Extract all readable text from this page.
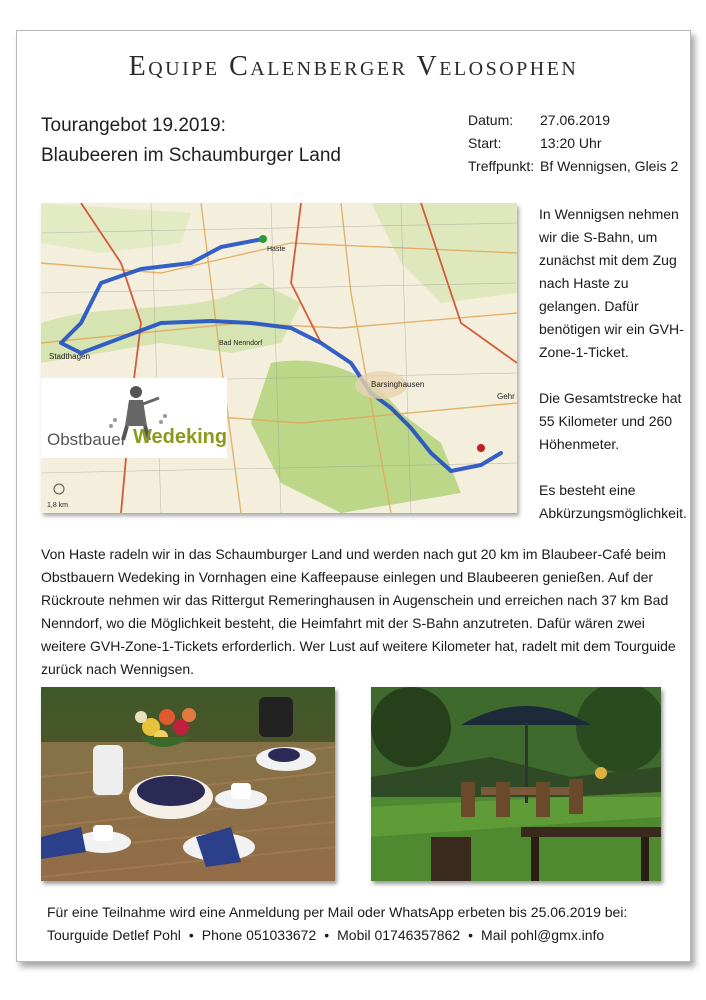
Equipe Calenberger Velosophen
Tourangebot 19.2019:
Blaubeeren im Schaumburger Land
Datum:	27.06.2019
Start:	13:20 Uhr
Treffpunkt: Bf Wennigsen, Gleis 2
Stadthagen
Bad Nenndorf
Barsinghausen
Gehr
Haste
1,8 km
Obstbauer Wedeking

In Wennigsen nehmen wir die S-Bahn, um zunächst mit dem Zug nach Haste zu gelangen. Dafür benötigen wir ein GVH-Zone-1-Ticket.

Die Gesamtstrecke hat 55 Kilometer und 260 Höhenmeter.

Es besteht eine Abkürzungsmöglichkeit.

Von Haste radeln wir in das Schaumburger Land und werden nach gut 20 km im Blaubeer-Café beim Obstbauern Wedeking in Vornhagen eine Kaffeepause einlegen und Blaubeeren genießen. Auf der Rückroute nehmen wir das Rittergut Remeringhausen in Augenschein und erreichen nach 37 km Bad Nenndorf, wo die Möglichkeit besteht, die Heimfahrt mit der S-Bahn anzutreten. Dafür wären zwei weitere GVH-Zone-1-Tickets erforderlich. Wer Lust auf weitere Kilometer hat, radelt mit dem Tourguide zurück nach Wennigsen.
Für eine Teilnahme wird eine Anmeldung per Mail oder WhatsApp erbeten bis 25.06.2019 bei:
Tourguide Detlef Pohl • Phone 051033672 • Mobil 01746357862 • Mail pohl@gmx.info
